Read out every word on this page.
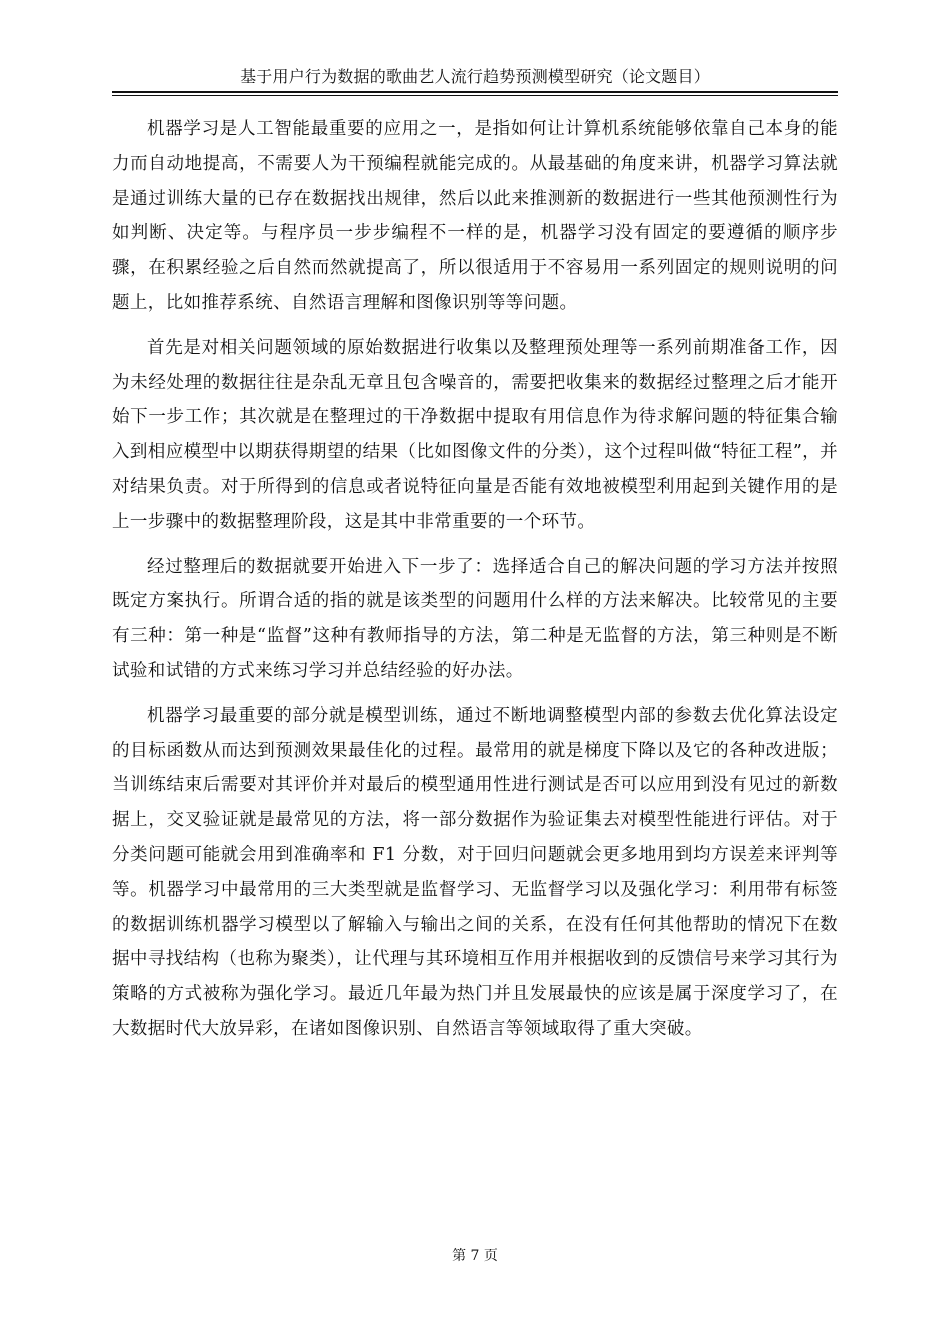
基于用户行为数据的歌曲艺人流行趋势预测模型研究（论文题目）

机器学习是人工智能最重要的应用之一，是指如何让计算机系统能够依靠自己本身的能力而自动地提高，不需要人为干预编程就能完成的。从最基础的角度来讲，机器学习算法就是通过训练大量的已存在数据找出规律，然后以此来推测新的数据进行一些其他预测性行为如判断、决定等。与程序员一步步编程不一样的是，机器学习没有固定的要遵循的顺序步骤，在积累经验之后自然而然就提高了，所以很适用于不容易用一系列固定的规则说明的问题上，比如推荐系统、自然语言理解和图像识别等等问题。

首先是对相关问题领域的原始数据进行收集以及整理预处理等一系列前期准备工作，因为未经处理的数据往往是杂乱无章且包含噪音的，需要把收集来的数据经过整理之后才能开始下一步工作；其次就是在整理过的干净数据中提取有用信息作为待求解问题的特征集合输入到相应模型中以期获得期望的结果（比如图像文件的分类），这个过程叫做“特征工程”，并对结果负责。对于所得到的信息或者说特征向量是否能有效地被模型利用起到关键作用的是上一步骤中的数据整理阶段，这是其中非常重要的一个环节。

经过整理后的数据就要开始进入下一步了：选择适合自己的解决问题的学习方法并按照既定方案执行。所谓合适的指的就是该类型的问题用什么样的方法来解决。比较常见的主要有三种：第一种是“监督”这种有教师指导的方法，第二种是无监督的方法，第三种则是不断试验和试错的方式来练习学习并总结经验的好办法。

机器学习最重要的部分就是模型训练，通过不断地调整模型内部的参数去优化算法设定的目标函数从而达到预测效果最佳化的过程。最常用的就是梯度下降以及它的各种改进版；当训练结束后需要对其评价并对最后的模型通用性进行测试是否可以应用到没有见过的新数据上，交叉验证就是最常见的方法，将一部分数据作为验证集去对模型性能进行评估。对于分类问题可能就会用到准确率和 F1 分数，对于回归问题就会更多地用到均方误差来评判等等。机器学习中最常用的三大类型就是监督学习、无监督学习以及强化学习：利用带有标签的数据训练机器学习模型以了解输入与输出之间的关系，在没有任何其他帮助的情况下在数据中寻找结构（也称为聚类），让代理与其环境相互作用并根据收到的反馈信号来学习其行为策略的方式被称为强化学习。最近几年最为热门并且发展最快的应该是属于深度学习了，在大数据时代大放异彩，在诸如图像识别、自然语言等领域取得了重大突破。

第 7 页
